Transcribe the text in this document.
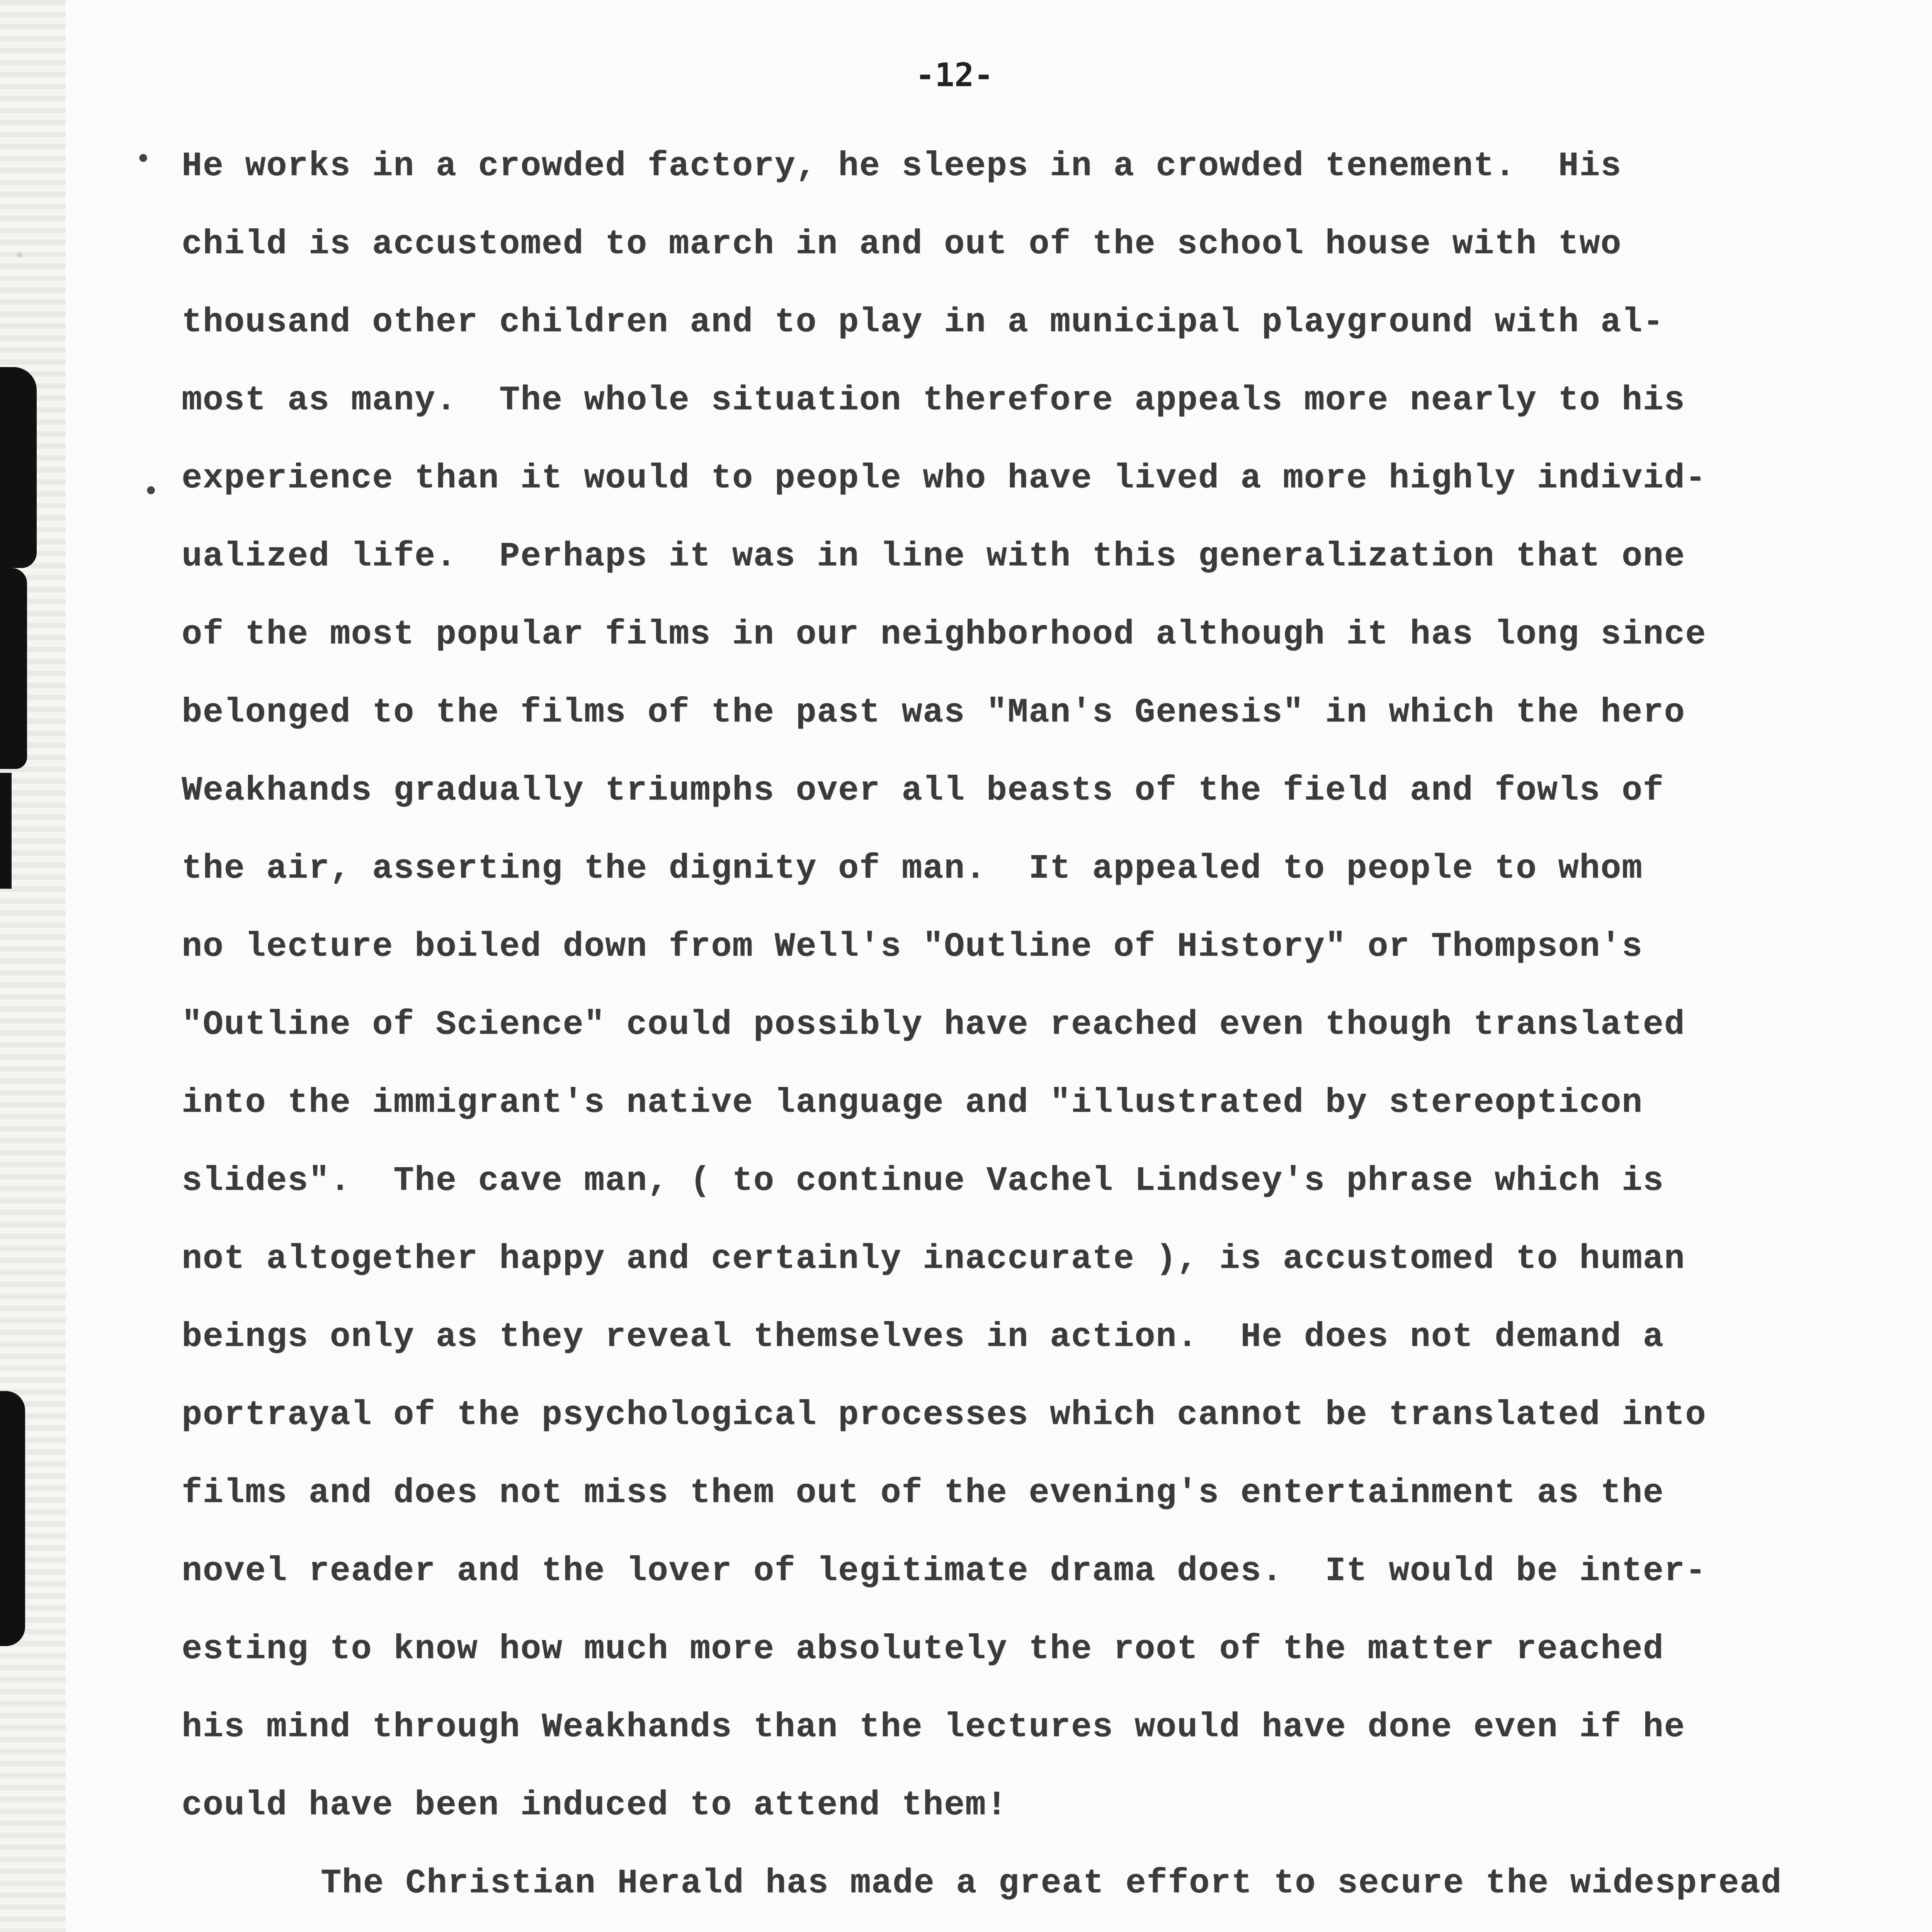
-12-
He works in a crowded factory, he sleeps in a crowded tenement.  His
child is accustomed to march in and out of the school house with two
thousand other children and to play in a municipal playground with al-
most as many.  The whole situation therefore appeals more nearly to his
experience than it would to people who have lived a more highly individ-
ualized life.  Perhaps it was in line with this generalization that one
of the most popular films in our neighborhood although it has long since
belonged to the films of the past was "Man's Genesis" in which the hero
Weakhands gradually triumphs over all beasts of the field and fowls of
the air, asserting the dignity of man.  It appealed to people to whom
no lecture boiled down from Well's "Outline of History" or Thompson's
"Outline of Science" could possibly have reached even though translated
into the immigrant's native language and "illustrated by stereopticon
slides".  The cave man, ( to continue Vachel Lindsey's phrase which is
not altogether happy and certainly inaccurate ), is accustomed to human
beings only as they reveal themselves in action.  He does not demand a
portrayal of the psychological processes which cannot be translated into
films and does not miss them out of the evening's entertainment as the
novel reader and the lover of legitimate drama does.  It would be inter-
esting to know how much more absolutely the root of the matter reached
his mind through Weakhands than the lectures would have done even if he
could have been induced to attend them!
The Christian Herald has made a great effort to secure the widespread
•
•
